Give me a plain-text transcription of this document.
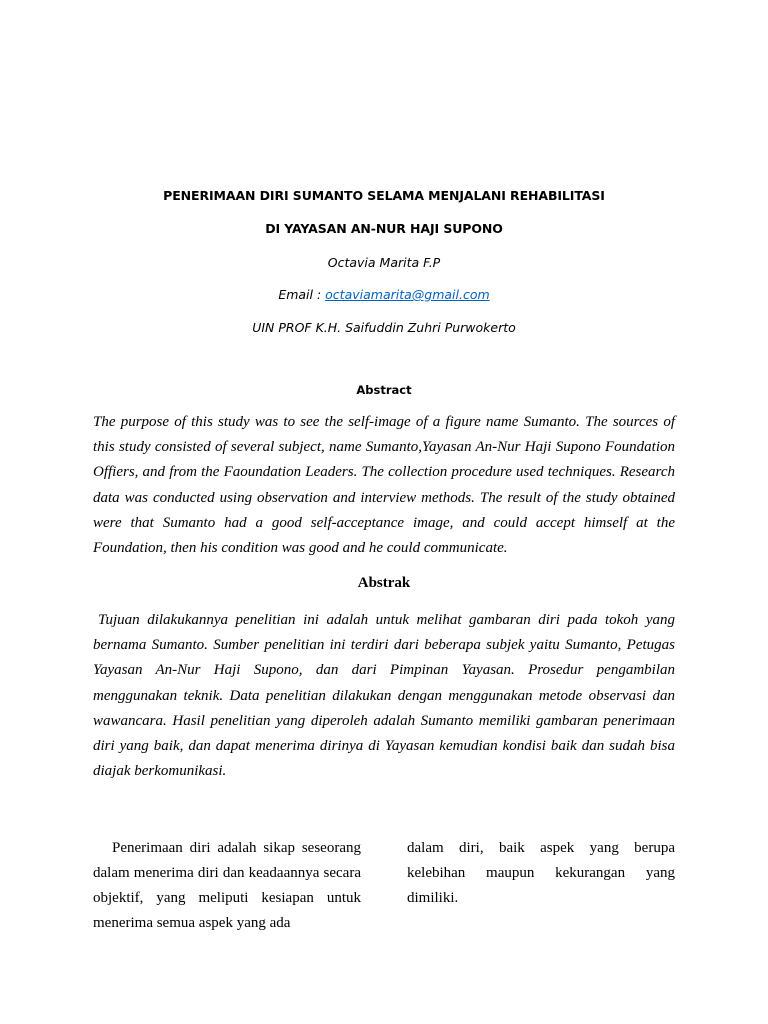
PENERIMAAN DIRI SUMANTO SELAMA MENJALANI REHABILITASI
DI YAYASAN AN-NUR HAJI SUPONO
Octavia Marita F.P
Email : octaviamarita@gmail.com
UIN PROF K.H. Saifuddin Zuhri Purwokerto
Abstract
The purpose of this study was to see the self-image of a figure name Sumanto. The sources of this study consisted of several subject, name Sumanto,Yayasan An-Nur Haji Supono Foundation Offiers, and from the Faoundation Leaders. The collection procedure used techniques. Research data was conducted using observation and interview methods. The result of the study obtained were that Sumanto had a good self-acceptance image, and could accept himself at the Foundation, then his condition was good and he could communicate.
Abstrak
Tujuan dilakukannya penelitian ini adalah untuk melihat gambaran diri pada tokoh yang bernama Sumanto. Sumber penelitian ini terdiri dari beberapa subjek yaitu Sumanto, Petugas Yayasan An-Nur Haji Supono, dan dari Pimpinan Yayasan. Prosedur pengambilan menggunakan teknik. Data penelitian dilakukan dengan menggunakan metode observasi dan wawancara. Hasil penelitian yang diperoleh adalah Sumanto memiliki gambaran penerimaan diri yang baik, dan dapat menerima dirinya di Yayasan kemudian kondisi baik dan sudah bisa diajak berkomunikasi.
Penerimaan diri adalah sikap seseorang dalam menerima diri dan keadaannya secara objektif, yang meliputi kesiapan untuk menerima semua aspek yang ada
dalam diri, baik aspek yang berupa kelebihan maupun kekurangan yang dimiliki.
